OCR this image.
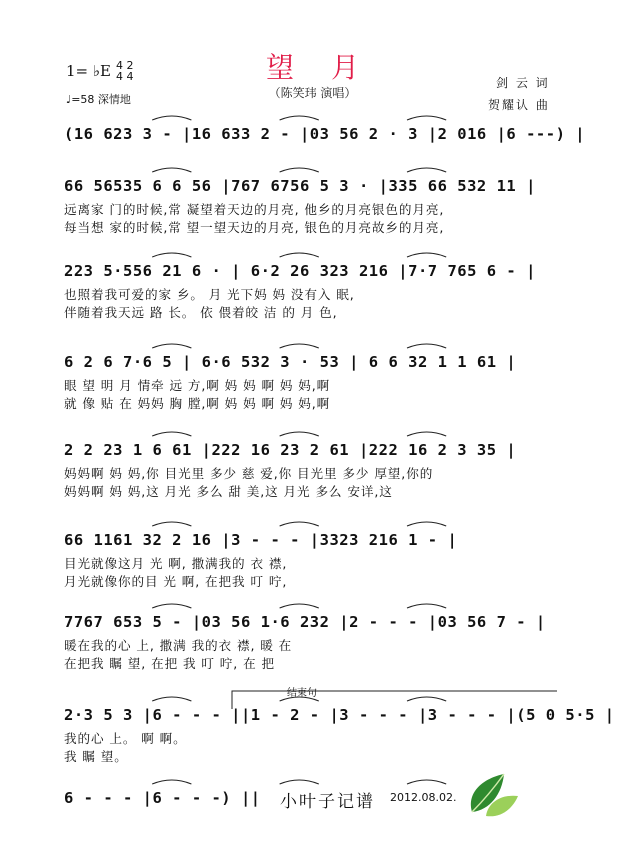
1= ♭E 4 2
4 4
♩=58 深情地
望 月
（陈笑玮 演唱）
剑 云 词
贺耀认 曲
(16 623 3 - |16 633 2 - |03 56 2 · 3 |2 016 |6 ---) |
66 56535 6 6 56 |767 6756 5 3 · |335 66 532 11 |
远离家 门的时候,常 凝望着天边的月亮, 他乡的月亮银色的月亮,
每当想 家的时候,常 望一望天边的月亮, 银色的月亮故乡的月亮,
223 5·556 21 6 · | 6·2 26 323 216 |7·7 765 6 - |
也照着我可爱的家 乡。 月 光下妈 妈 没有入 眠,
伴随着我天远 路 长。 依 偎着皎 洁 的 月 色,
6 2 6 7·6 5 | 6·6 532 3 · 53 | 6 6 32 1 1 61 |
眼 望 明 月 情牵 远 方,啊 妈 妈 啊 妈 妈,啊
就 像 贴 在 妈妈 胸 膛,啊 妈 妈 啊 妈 妈,啊
2 2 23 1 6 61 |222 16 23 2 61 |222 16 2 3 35 |
妈妈啊 妈 妈,你 目光里 多少 慈 爱,你 目光里 多少 厚望,你的
妈妈啊 妈 妈,这 月光 多么 甜 美,这 月光 多么 安详,这
66 1161 32 2 16 |3 - - - |3323 216 1 - |
目光就像这月 光 啊, 撒满我的 衣 襟,
月光就像你的目 光 啊, 在把我 叮 咛,
7767 653 5 - |03 56 1·6 232 |2 - - - |03 56 7 - |
暖在我的心 上, 撒满 我的衣 襟, 暖 在
在把我 瞩 望, 在把 我 叮 咛, 在 把
2·3 5 3 |6 - - - ||1 - 2 - |3 - - - |3 - - - |(5 0 5·5 |
我的心 上。 啊 啊。
我 瞩 望。
6 - - - |6 - - -) ||
结束句
小叶子记谱 2012.08.02.
